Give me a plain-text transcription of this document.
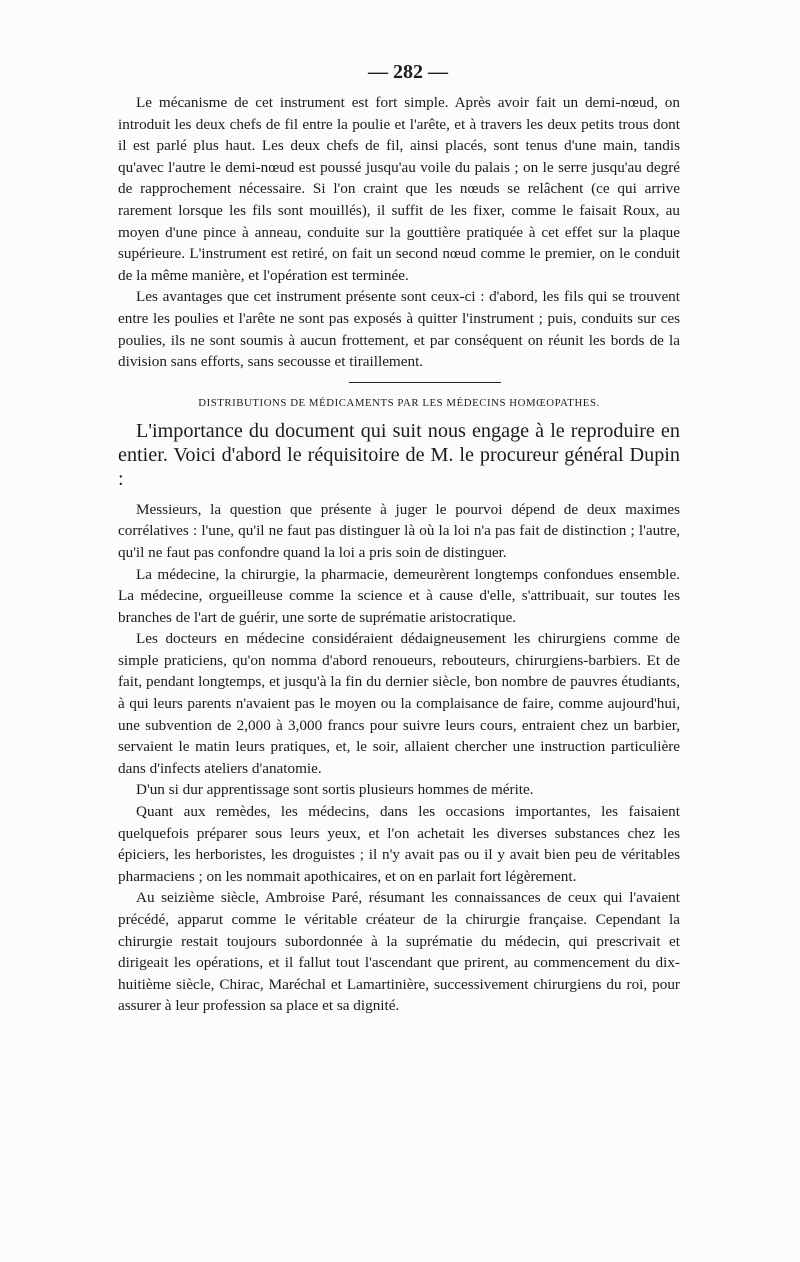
— 282 —

Le mécanisme de cet instrument est fort simple. Après avoir fait un demi-nœud, on introduit les deux chefs de fil entre la poulie et l'arête, et à travers les deux petits trous dont il est parlé plus haut. Les deux chefs de fil, ainsi placés, sont tenus d'une main, tandis qu'avec l'autre le demi-nœud est poussé jusqu'au voile du palais ; on le serre jusqu'au degré de rapprochement nécessaire. Si l'on craint que les nœuds se relâchent (ce qui arrive rarement lorsque les fils sont mouillés), il suffit de les fixer, comme le faisait Roux, au moyen d'une pince à anneau, conduite sur la gouttière pratiquée à cet effet sur la plaque supérieure. L'instrument est retiré, on fait un second nœud comme le premier, on le conduit de la même manière, et l'opération est terminée.

Les avantages que cet instrument présente sont ceux-ci : d'abord, les fils qui se trouvent entre les poulies et l'arête ne sont pas exposés à quitter l'instrument ; puis, conduits sur ces poulies, ils ne sont soumis à aucun frottement, et par conséquent on réunit les bords de la division sans efforts, sans secousse et tiraillement.

DISTRIBUTIONS DE MÉDICAMENTS PAR LES MÉDECINS HOMŒOPATHES.

L'importance du document qui suit nous engage à le reproduire en entier. Voici d'abord le réquisitoire de M. le procureur général Dupin :

Messieurs, la question que présente à juger le pourvoi dépend de deux maximes corrélatives : l'une, qu'il ne faut pas distinguer là où la loi n'a pas fait de distinction ; l'autre, qu'il ne faut pas confondre quand la loi a pris soin de distinguer.

La médecine, la chirurgie, la pharmacie, demeurèrent longtemps confondues ensemble. La médecine, orgueilleuse comme la science et à cause d'elle, s'attribuait, sur toutes les branches de l'art de guérir, une sorte de suprématie aristocratique.

Les docteurs en médecine considéraient dédaigneusement les chirurgiens comme de simple praticiens, qu'on nomma d'abord renoueurs, rebouteurs, chirurgiens-barbiers. Et de fait, pendant longtemps, et jusqu'à la fin du dernier siècle, bon nombre de pauvres étudiants, à qui leurs parents n'avaient pas le moyen ou la complaisance de faire, comme aujourd'hui, une subvention de 2,000 à 3,000 francs pour suivre leurs cours, entraient chez un barbier, servaient le matin leurs pratiques, et, le soir, allaient chercher une instruction particulière dans d'infects ateliers d'anatomie.

D'un si dur apprentissage sont sortis plusieurs hommes de mérite.

Quant aux remèdes, les médecins, dans les occasions importantes, les faisaient quelquefois préparer sous leurs yeux, et l'on achetait les diverses substances chez les épiciers, les herboristes, les droguistes ; il n'y avait pas ou il y avait bien peu de véritables pharmaciens ; on les nommait apothicaires, et on en parlait fort légèrement.

Au seizième siècle, Ambroise Paré, résumant les connaissances de ceux qui l'avaient précédé, apparut comme le véritable créateur de la chirurgie française. Cependant la chirurgie restait toujours subordonnée à la suprématie du médecin, qui prescrivait et dirigeait les opérations, et il fallut tout l'ascendant que prirent, au commencement du dix-huitième siècle, Chirac, Maréchal et Lamartinière, successivement chirurgiens du roi, pour assurer à leur profession sa place et sa dignité.
